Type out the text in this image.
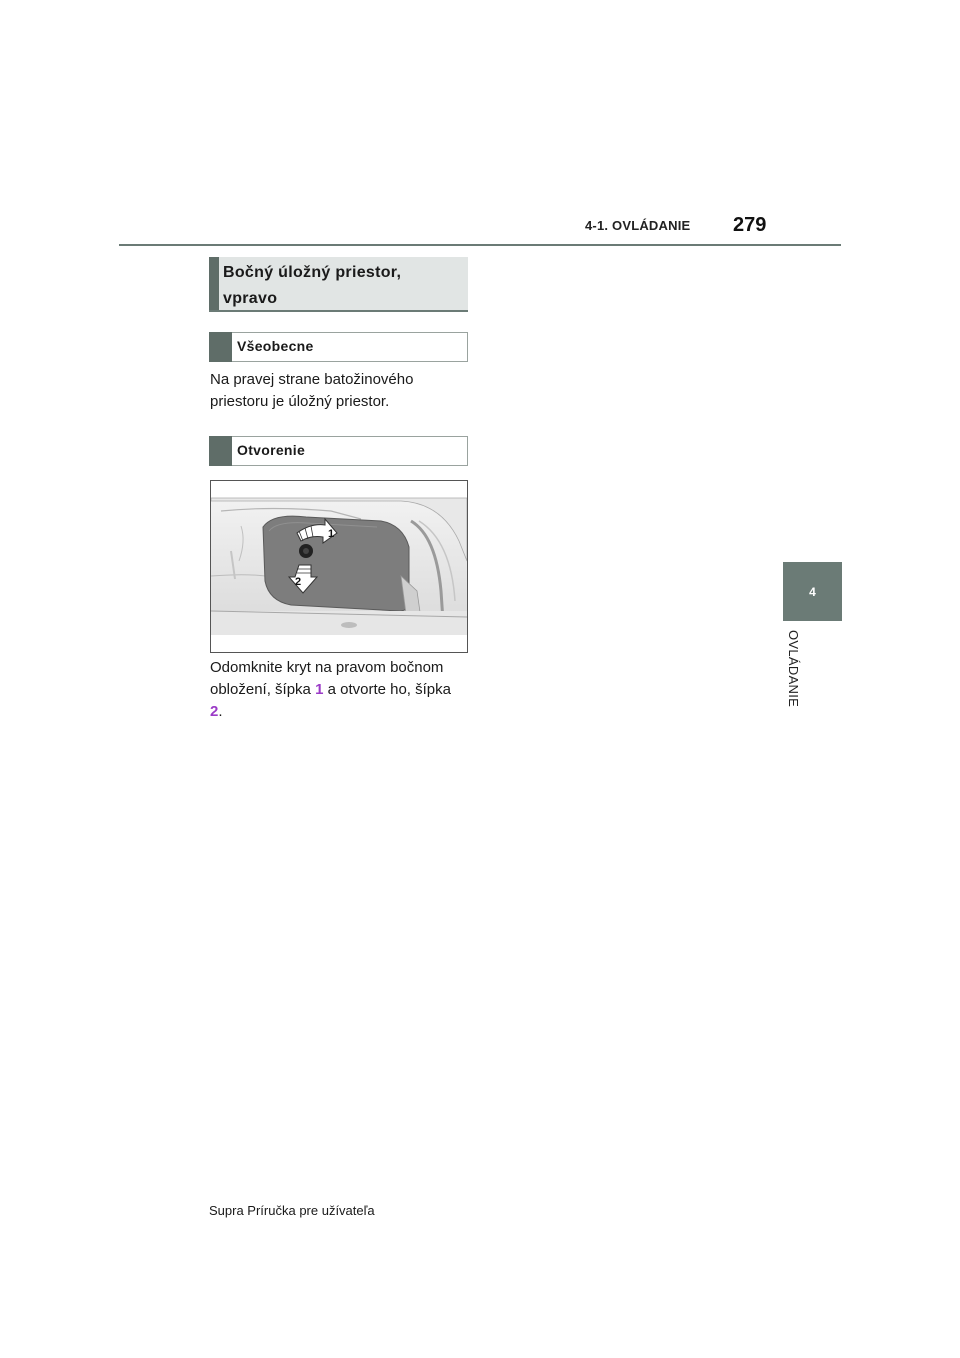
4-1. OVLÁDANIE 279
4
OVLÁDANIE
Bočný úložný priestor,
vpravo
Všeobecne
Na pravej strane batožinového
priestoru je úložný priestor.
Otvorenie
1
2
Odomknite kryt na pravom bočnom
obložení, šípka 1 a otvorte ho, šípka
2.
Supra Príručka pre užívateľa
